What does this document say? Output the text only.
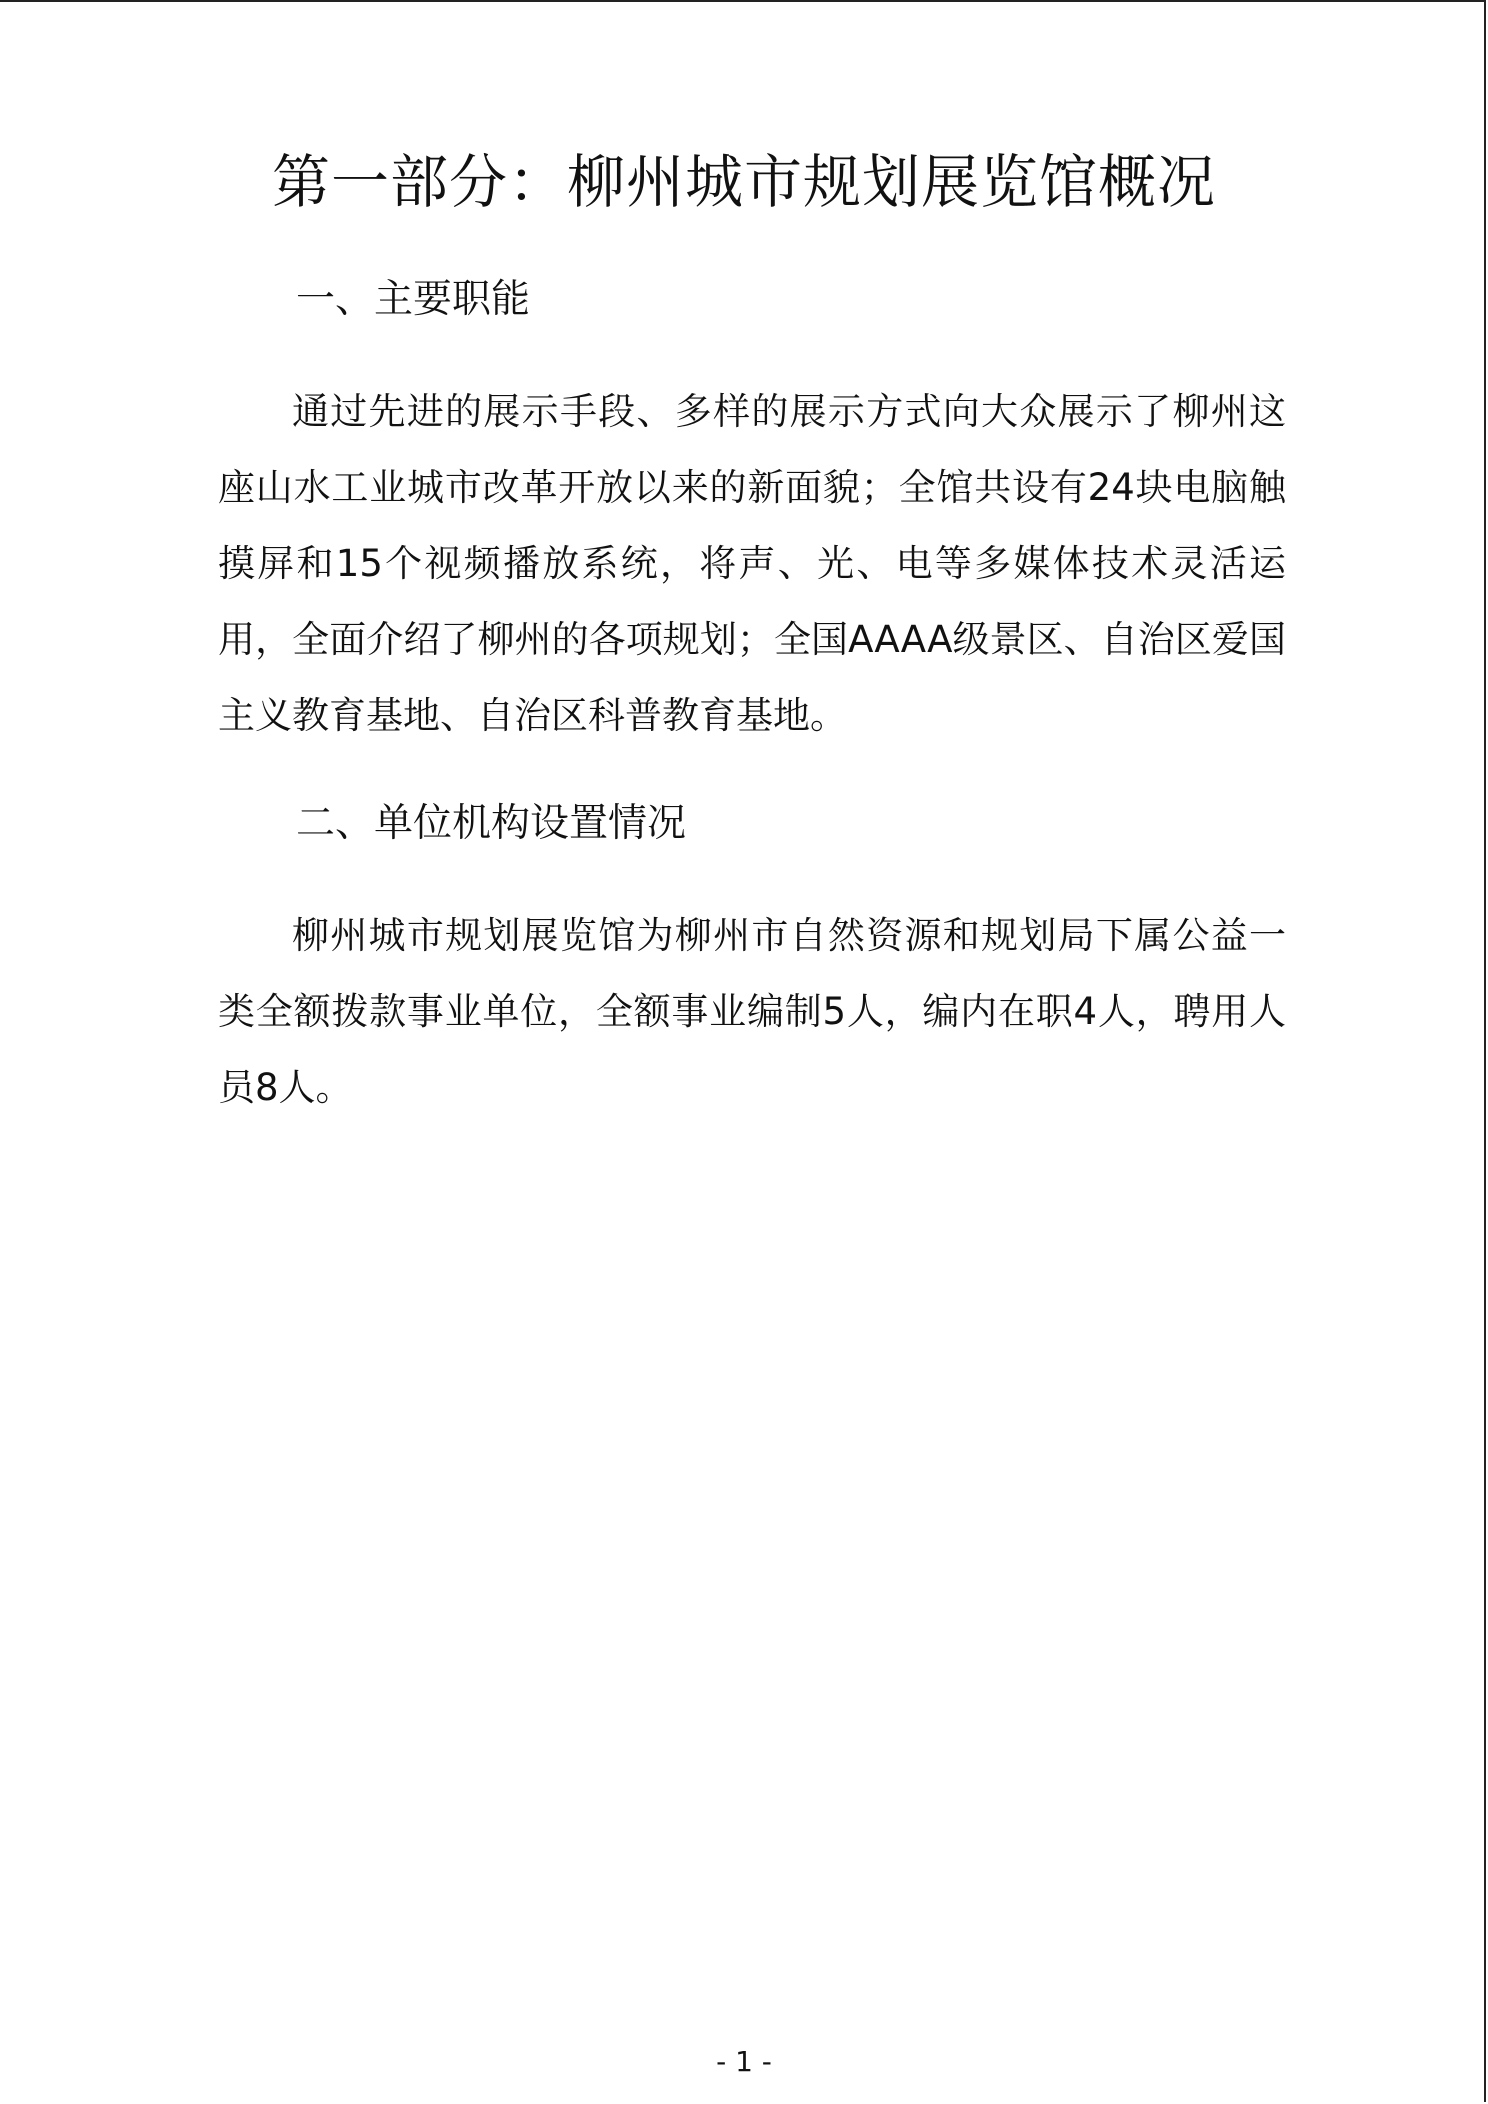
第一部分：柳州城市规划展览馆概况
一、主要职能

通过先进的展示手段、多样的展示方式向大众展示了柳州这座山水工业城市改革开放以来的新面貌；全馆共设有24块电脑触摸屏和15个视频播放系统，将声、光、电等多媒体技术灵活运用，全面介绍了柳州的各项规划；全国AAAA级景区、自治区爱国主义教育基地、自治区科普教育基地。

二、单位机构设置情况

柳州城市规划展览馆为柳州市自然资源和规划局下属公益一类全额拨款事业单位，全额事业编制5人，编内在职4人，聘用人员8人。

- 1 -
